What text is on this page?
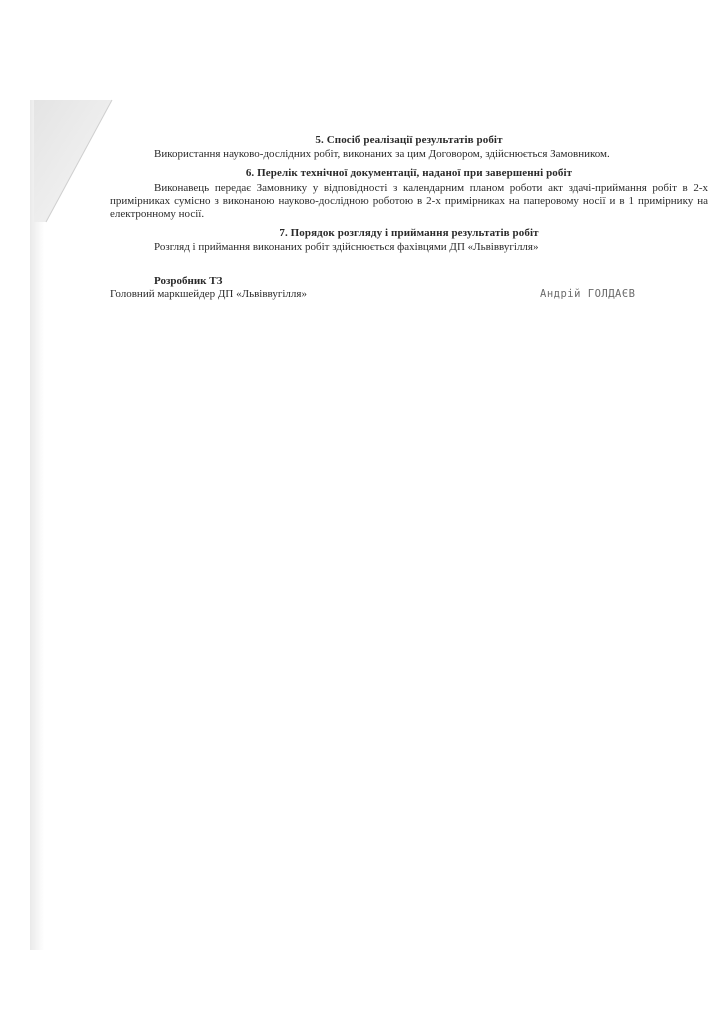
5. Спосіб реалізації результатів робіт

Використання науково-дослідних робіт, виконаних за цим Договором, здійснюється Замовником.

6. Перелік технічної документації, наданої при завершенні робіт

Виконавець передає Замовнику у відповідності з календарним планом роботи акт здачі-приймання робіт в 2-х примірниках сумісно з виконаною науково-дослідною роботою в 2-х примірниках на паперовому носії и в 1 примірнику на електронному носії.

7. Порядок розгляду і приймання результатів робіт

Розгляд і приймання виконаних робіт здійснюється фахівцями ДП «Львіввугілля»

Розробник ТЗ

Головний маркшейдер ДП «Львіввугілля»	Андрій ГОЛДАЄВ
